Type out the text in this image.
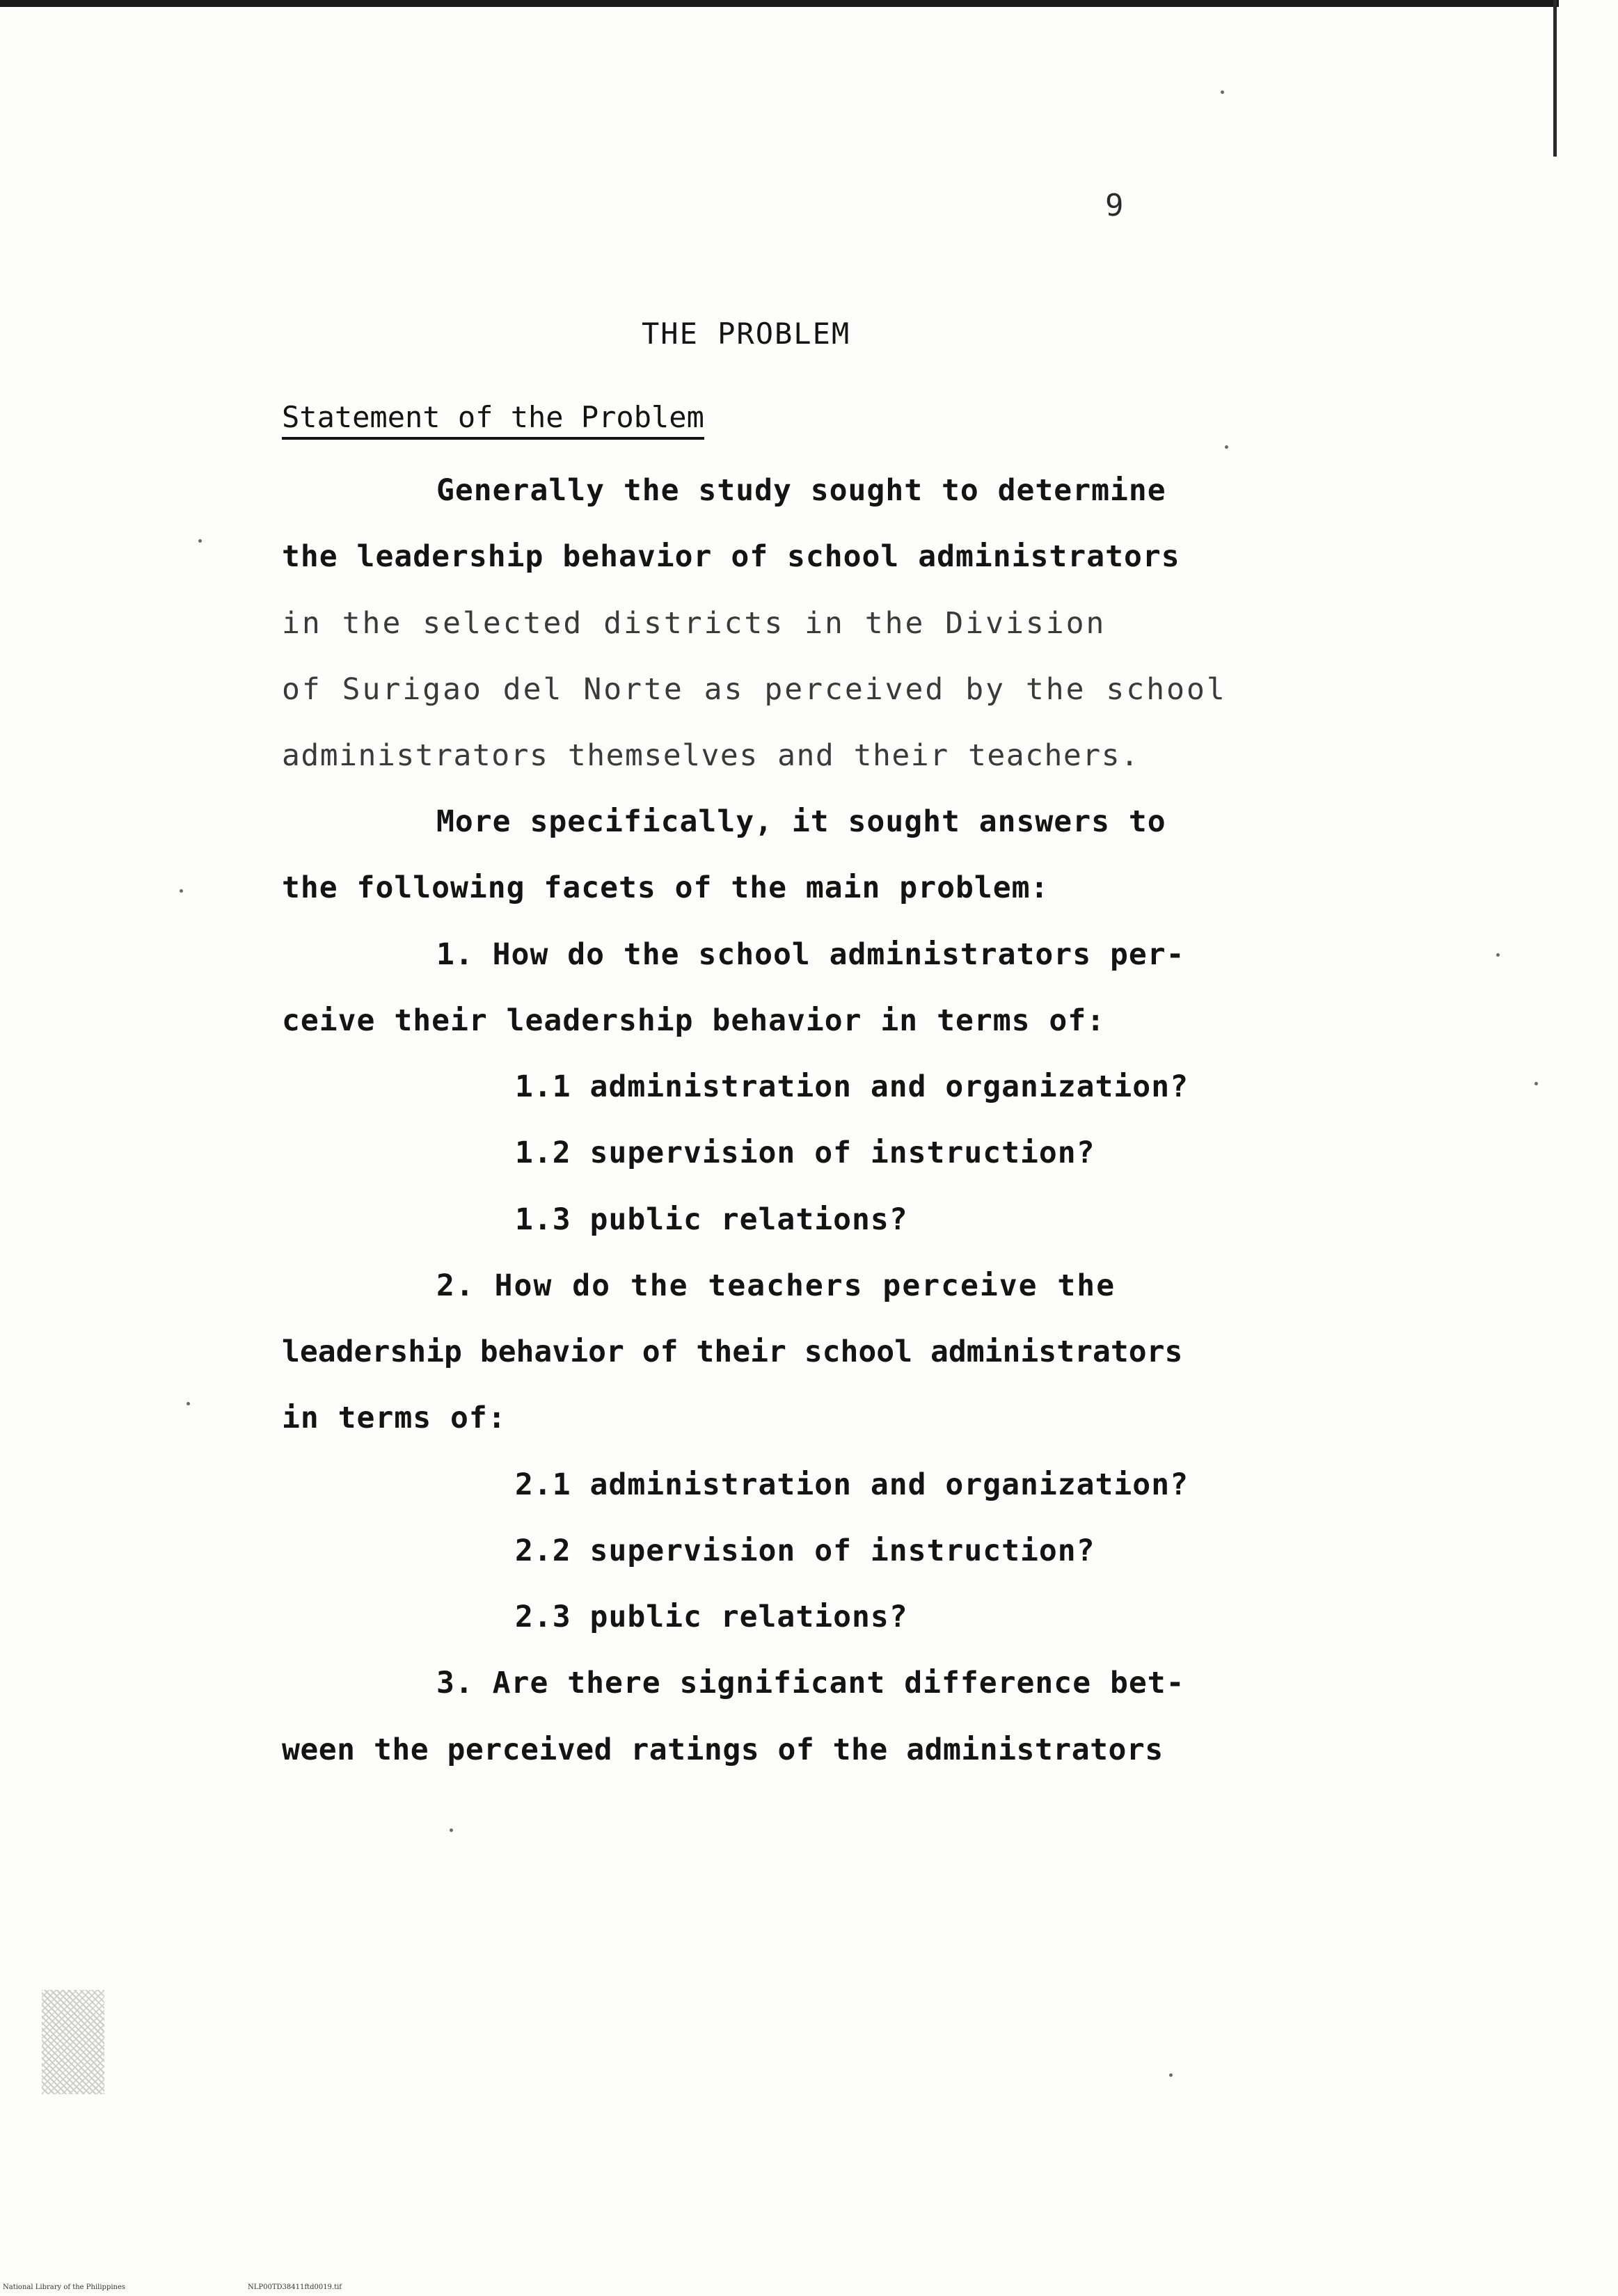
9
THE PROBLEM
Statement of the Problem
Generally the study sought to determine
the leadership behavior of school administrators
in the selected districts in the Division
of Surigao del Norte as perceived by the school
administrators themselves and their teachers.
More specifically, it sought answers to
the following facets of the main problem:
1. How do the school administrators per-
ceive their leadership behavior in terms of:
1.1 administration and organization?
1.2 supervision of instruction?
1.3 public relations?
2. How do the teachers perceive the
leadership behavior of their school administrators
in terms of:
2.1 administration and organization?
2.2 supervision of instruction?
2.3 public relations?
3. Are there significant difference bet-
ween the perceived ratings of the administrators
National Library of the Philippines	NLP00TD38411ftd0019.tif
